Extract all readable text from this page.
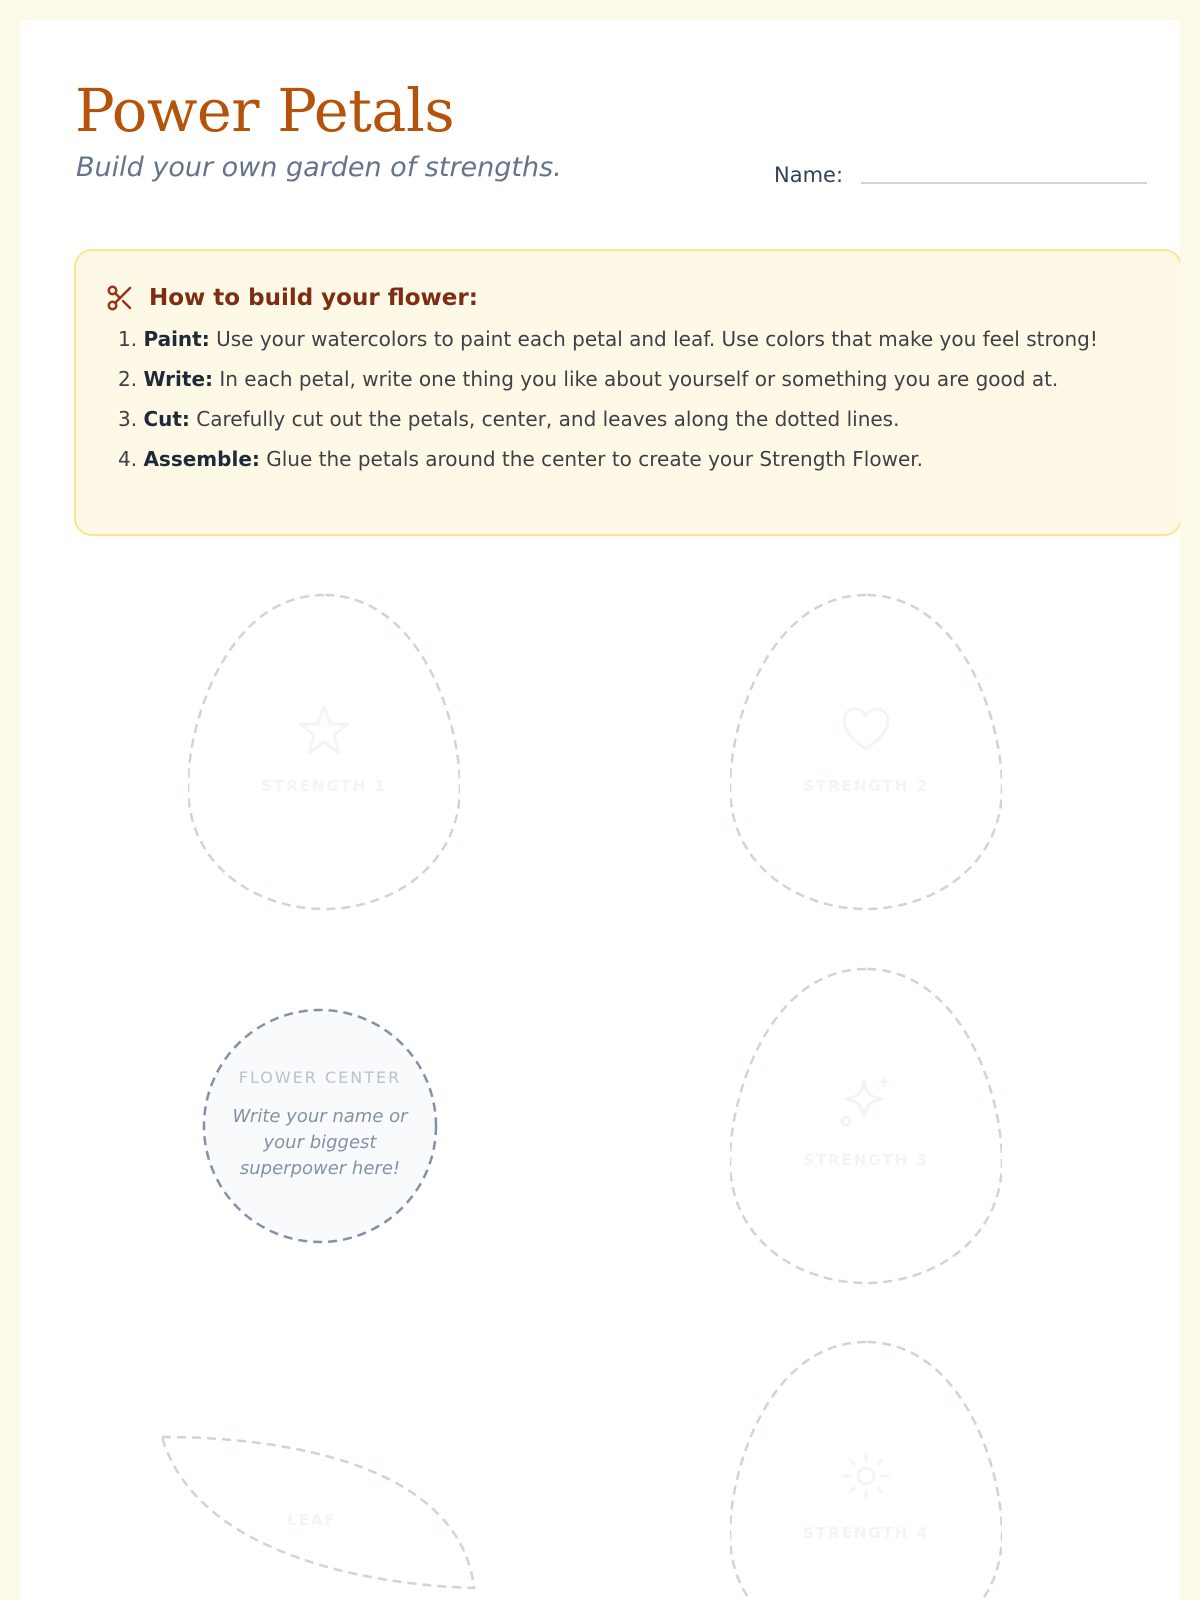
Power Petals

Build your own garden of strengths.	Name:
How to build your flower:
1. Paint: Use your watercolors to paint each petal and leaf. Use colors that make you feel strong!
2. Write: In each petal, write one thing you like about yourself or something you are good at.
3. Cut: Carefully cut out the petals, center, and leaves along the dotted lines.
4. Assemble: Glue the petals around the center to create your Strength Flower.
STRENGTH 1	STRENGTH 2
FLOWER CENTER
Write your name or your biggest superpower here!	STRENGTH 3
LEAF
STRENGTH 4
